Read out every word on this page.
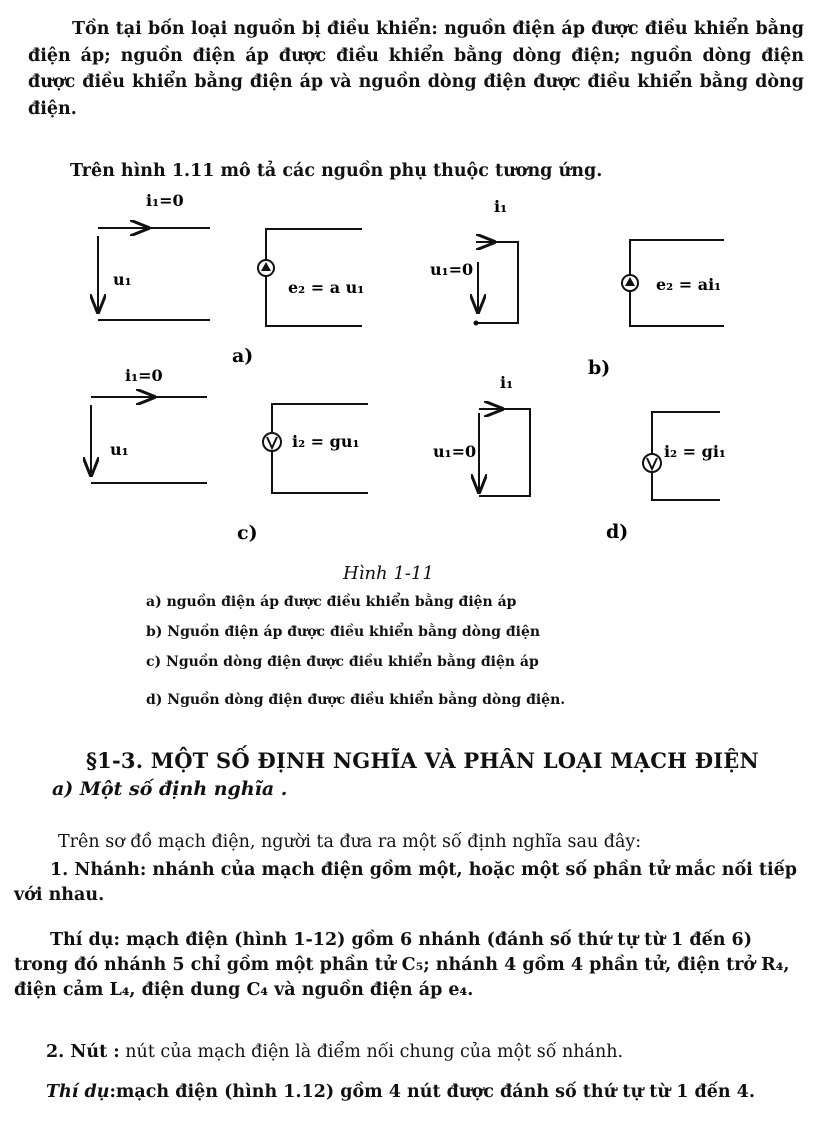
Tồn tại bốn loại nguồn bị điều khiển: nguồn điện áp được điều khiển bằng điện áp; nguồn điện áp được điều khiển bằng dòng điện; nguồn dòng điện được điều khiển bằng điện áp và nguồn dòng điện được điều khiển bằng dòng điện.

Trên hình 1.11 mô tả các nguồn phụ thuộc tương ứng.

i₁=0
u₁	e₂ = a u₁
a)
i₁
u₁=0
e₂ = ai₁
b)
i₁=0
u₁	i₂ = gu₁
c)
i₁
u₁=0	i₂ = gi₁
d)

Hình 1-11

a) nguồn điện áp được điều khiển bằng điện áp

b) Nguồn điện áp được điều khiển bằng dòng điện

c) Nguồn dòng điện được điều khiển bằng điện áp

d) Nguồn dòng điện được điều khiển bằng dòng điện.

§1-3. MỘT SỐ ĐỊNH NGHĨA VÀ PHÂN LOẠI MẠCH ĐIỆN

a) Một số định nghĩa .

Trên sơ đồ mạch điện, người ta đưa ra một số định nghĩa sau đây:

1. Nhánh: nhánh của mạch điện gồm một, hoặc một số phần tử mắc nối tiếp với nhau.

Thí dụ: mạch điện (hình 1-12) gồm 6 nhánh (đánh số thứ tự từ 1 đến 6) trong đó nhánh 5 chỉ gồm một phần tử C₅; nhánh 4 gồm 4 phần tử, điện trở R₄, điện cảm L₄, điện dung C₄ và nguồn điện áp e₄.

2. Nút : nút của mạch điện là điểm nối chung của một số nhánh.

Thí dụ:mạch điện (hình 1.12) gồm 4 nút được đánh số thứ tự từ 1 đến 4.
